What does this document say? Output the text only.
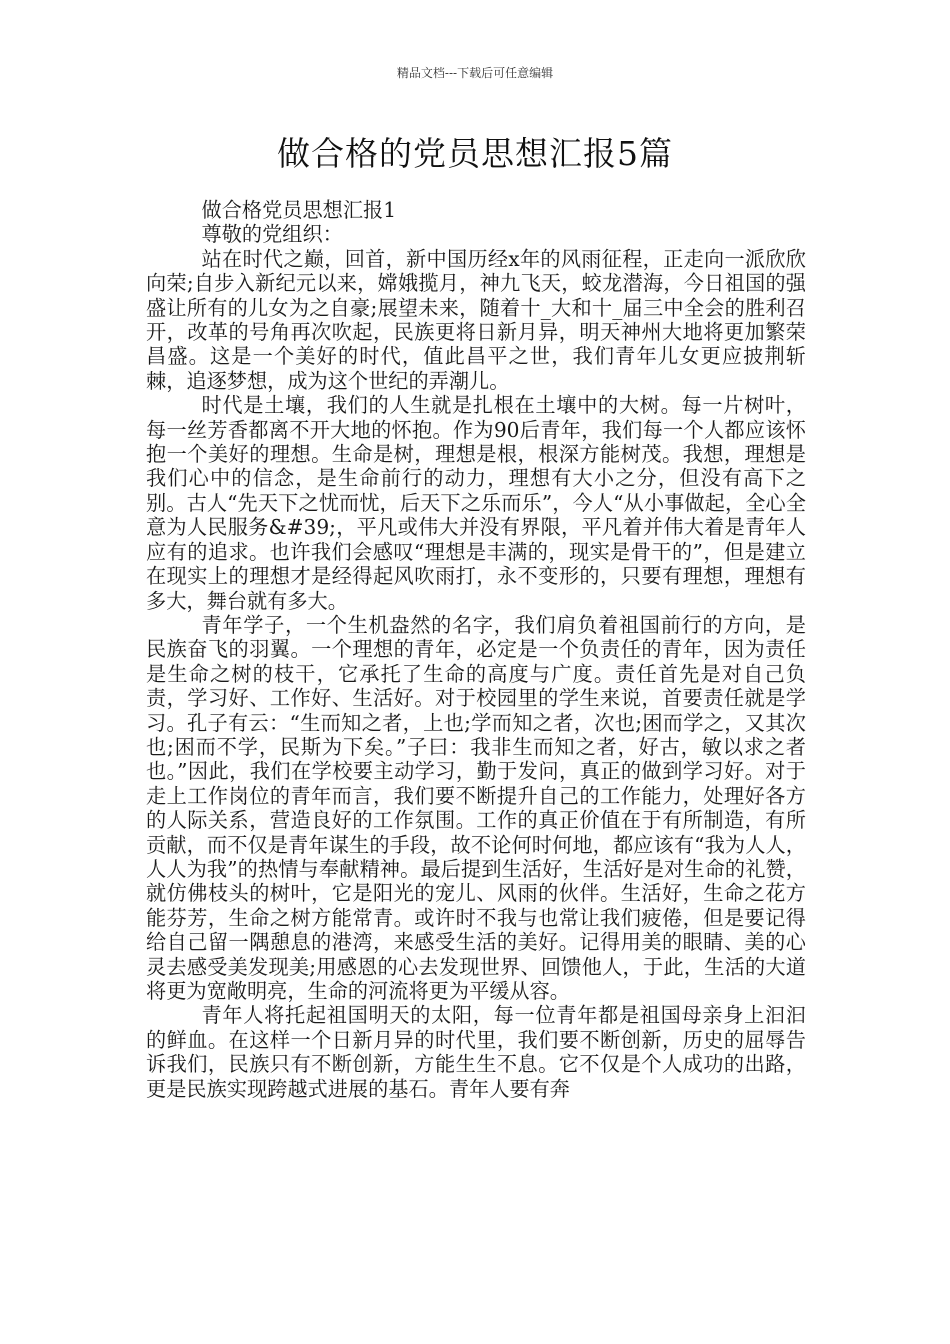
精品文档---下载后可任意编辑
做合格的党员思想汇报5篇

做合格党员思想汇报1

尊敬的党组织：

站在时代之巅，回首，新中国历经x年的风雨征程，正走向一派欣欣向荣;自步入新纪元以来，嫦娥揽月，神九飞天，蛟龙潜海，今日祖国的强盛让所有的儿女为之自豪;展望未来，随着十_大和十_届三中全会的胜利召开，改革的号角再次吹起，民族更将日新月异，明天神州大地将更加繁荣昌盛。这是一个美好的时代，值此昌平之世，我们青年儿女更应披荆斩棘，追逐梦想，成为这个世纪的弄潮儿。

时代是土壤，我们的人生就是扎根在土壤中的大树。每一片树叶，每一丝芳香都离不开大地的怀抱。作为90后青年，我们每一个人都应该怀抱一个美好的理想。生命是树，理想是根，根深方能树茂。我想，理想是我们心中的信念，是生命前行的动力，理想有大小之分，但没有高下之别。古人“先天下之忧而忧，后天下之乐而乐”，今人“从小事做起，全心全意为人民服务&#39;，平凡或伟大并没有界限，平凡着并伟大着是青年人应有的追求。也许我们会感叹“理想是丰满的，现实是骨干的”，但是建立在现实上的理想才是经得起风吹雨打，永不变形的，只要有理想，理想有多大，舞台就有多大。

青年学子，一个生机盎然的名字，我们肩负着祖国前行的方向，是民族奋飞的羽翼。一个理想的青年，必定是一个负责任的青年，因为责任是生命之树的枝干，它承托了生命的高度与广度。责任首先是对自己负责，学习好、工作好、生活好。对于校园里的学生来说，首要责任就是学习。孔子有云：“生而知之者，上也;学而知之者，次也;困而学之，又其次也;困而不学，民斯为下矣。”子曰：我非生而知之者，好古，敏以求之者也。”因此，我们在学校要主动学习，勤于发问，真正的做到学习好。对于走上工作岗位的青年而言，我们要不断提升自己的工作能力，处理好各方的人际关系，营造良好的工作氛围。工作的真正价值在于有所制造，有所贡献，而不仅是青年谋生的手段，故不论何时何地，都应该有“我为人人，人人为我”的热情与奉献精神。最后提到生活好，生活好是对生命的礼赞，就仿佛枝头的树叶，它是阳光的宠儿、风雨的伙伴。生活好，生命之花方能芬芳，生命之树方能常青。或许时不我与也常让我们疲倦，但是要记得给自己留一隅憩息的港湾，来感受生活的美好。记得用美的眼睛、美的心灵去感受美发现美;用感恩的心去发现世界、回馈他人，于此，生活的大道将更为宽敞明亮，生命的河流将更为平缓从容。

青年人将托起祖国明天的太阳，每一位青年都是祖国母亲身上汩汩的鲜血。在这样一个日新月异的时代里，我们要不断创新，历史的屈辱告诉我们，民族只有不断创新，方能生生不息。它不仅是个人成功的出路，更是民族实现跨越式进展的基石。青年人要有奔
